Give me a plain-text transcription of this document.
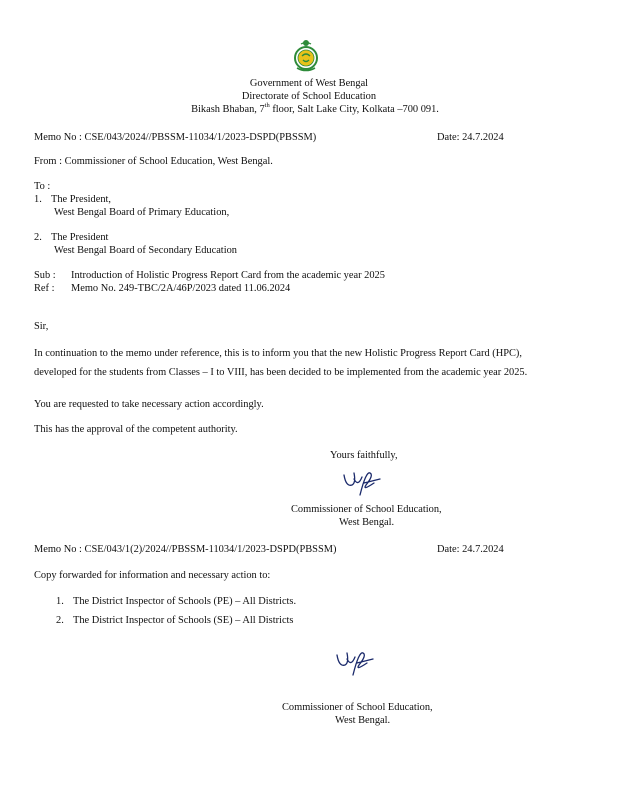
Government of West Bengal
Directorate of School Education
Bikash Bhaban, 7th floor, Salt Lake City, Kolkata –700 091.
Memo No : CSE/043/2024//PBSSM-11034/1/2023-DSPD(PBSSM)	Date: 24.7.2024
From : Commissioner of School Education, West Bengal.
To :
1. The President,
West Bengal Board of Primary Education,
2. The President
West Bengal Board of Secondary Education
Sub : Introduction of Holistic Progress Report Card from the academic year 2025
Ref : Memo No. 249-TBC/2A/46P/2023 dated 11.06.2024
Sir,
In continuation to the memo under reference, this is to inform you that the new Holistic Progress Report Card (HPC),
developed for the students from Classes – I to VIII, has been decided to be implemented from the academic year 2025.
You are requested to take necessary action accordingly.
This has the approval of the competent authority.
Yours faithfully,
Commissioner of School Education,
West Bengal.
Memo No : CSE/043/1(2)/2024//PBSSM-11034/1/2023-DSPD(PBSSM)	Date: 24.7.2024
Copy forwarded for information and necessary action to:
1. The District Inspector of Schools (PE) – All Districts.
2. The District Inspector of Schools (SE) – All Districts
Commissioner of School Education,
West Bengal.
